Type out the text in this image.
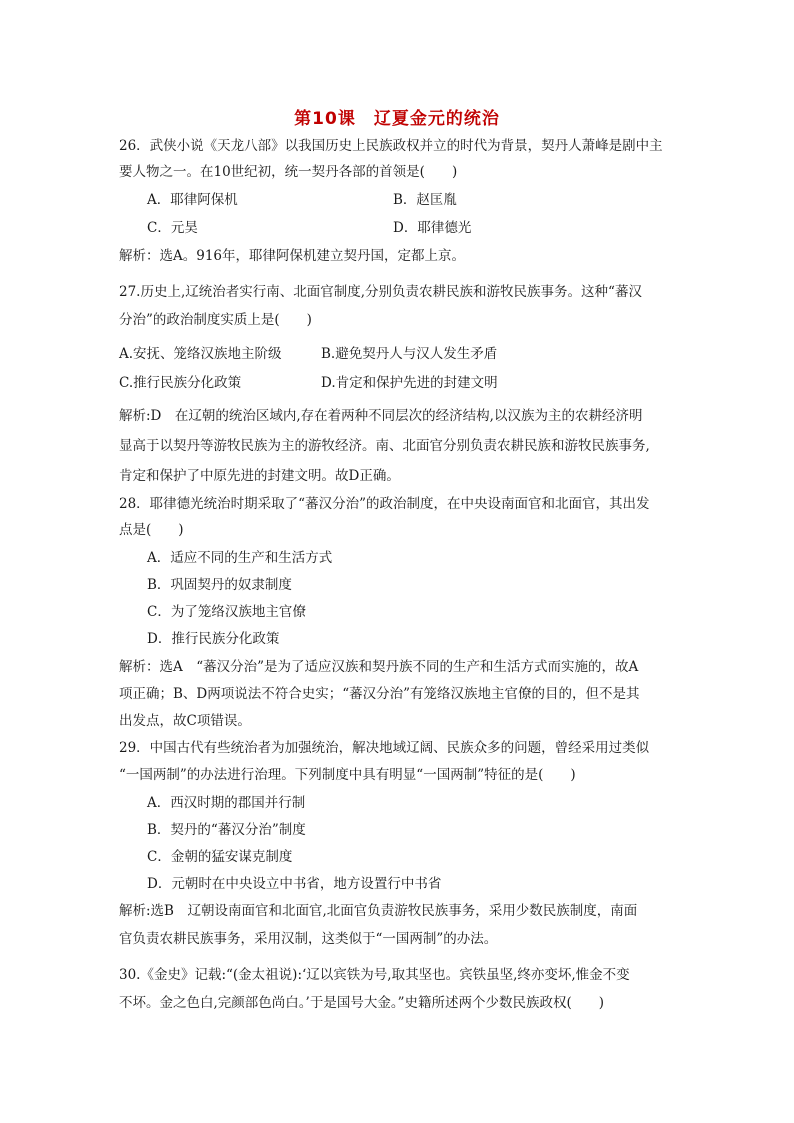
第10课　辽夏金元的统治
26．武侠小说《天龙八部》以我国历史上民族政权并立的时代为背景，契丹人萧峰是剧中主
要人物之一。在10世纪初，统一契丹各部的首领是(　　)
A．耶律阿保机	B．赵匡胤
C．元昊	D．耶律德光
解析：选A。916年，耶律阿保机建立契丹国，定都上京。
27.历史上,辽统治者实行南、北面官制度,分别负责农耕民族和游牧民族事务。这种“蕃汉
分治”的政治制度实质上是(　　)
A.安抚、笼络汉族地主阶级	B.避免契丹人与汉人发生矛盾
C.推行民族分化政策	D.肯定和保护先进的封建文明
解析:D　在辽朝的统治区域内,存在着两种不同层次的经济结构,以汉族为主的农耕经济明
显高于以契丹等游牧民族为主的游牧经济。南、北面官分别负责农耕民族和游牧民族事务,
肯定和保护了中原先进的封建文明。故D正确。
28．耶律德光统治时期采取了“蕃汉分治”的政治制度，在中央设南面官和北面官，其出发
点是(　　)
A．适应不同的生产和生活方式
B．巩固契丹的奴隶制度
C．为了笼络汉族地主官僚
D．推行民族分化政策
解析：选A　“蕃汉分治”是为了适应汉族和契丹族不同的生产和生活方式而实施的，故A
项正确；B、D两项说法不符合史实；“蕃汉分治”有笼络汉族地主官僚的目的，但不是其
出发点，故C项错误。
29．中国古代有些统治者为加强统治，解决地域辽阔、民族众多的问题，曾经采用过类似
“一国两制”的办法进行治理。下列制度中具有明显“一国两制”特征的是(　　)
A．西汉时期的郡国并行制
B．契丹的“蕃汉分治”制度
C．金朝的猛安谋克制度
D．元朝时在中央设立中书省，地方设置行中书省
解析:选B　辽朝设南面官和北面官,北面官负责游牧民族事务，采用少数民族制度，南面
官负责农耕民族事务，采用汉制，这类似于“一国两制”的办法。
30.《金史》记载:“(金太祖说):‘辽以宾铁为号,取其坚也。宾铁虽坚,终亦变坏,惟金不变
不坏。金之色白,完颜部色尚白。’于是国号大金。”史籍所述两个少数民族政权(　　)
